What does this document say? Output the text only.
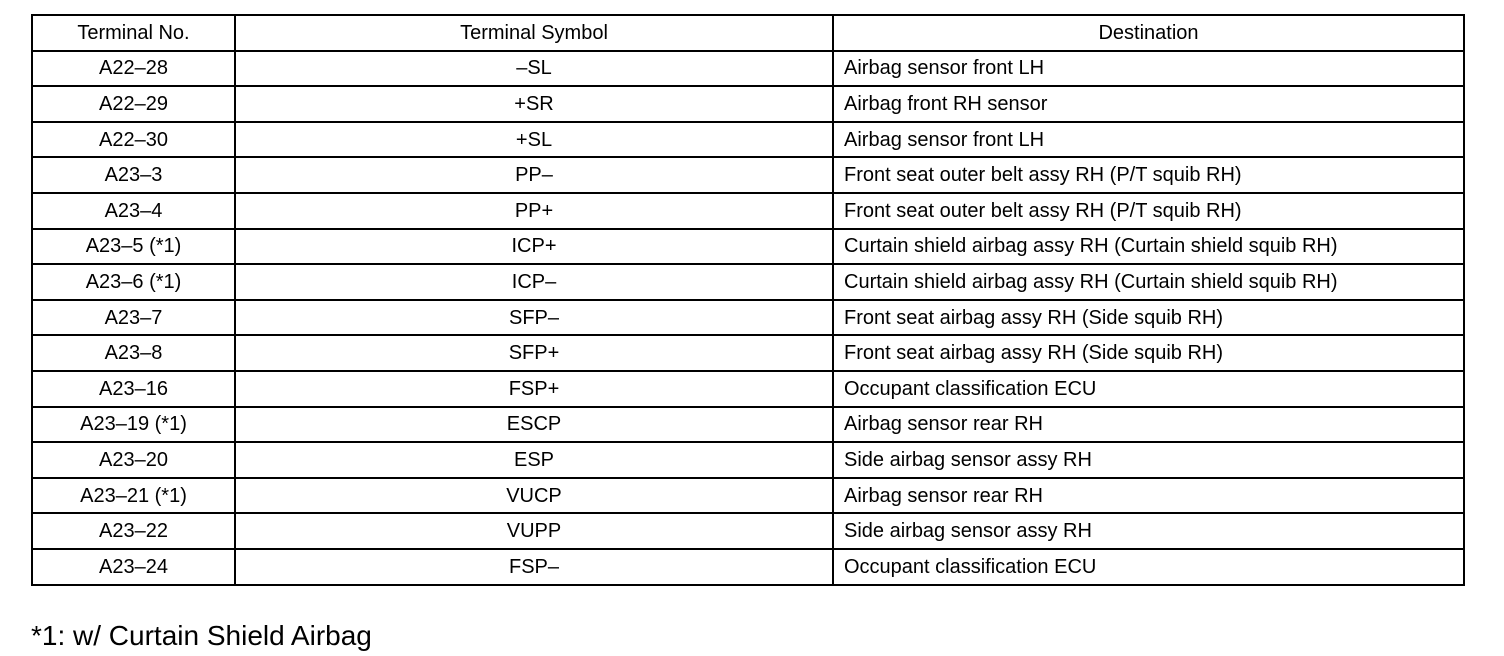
Terminal No.	Terminal Symbol	Destination
A22–28	–SL	Airbag sensor front LH
A22–29	+SR	Airbag front RH sensor
A22–30	+SL	Airbag sensor front LH
A23–3	PP–	Front seat outer belt assy RH (P/T squib RH)
A23–4	PP+	Front seat outer belt assy RH (P/T squib RH)
A23–5 (*1)	ICP+	Curtain shield airbag assy RH (Curtain shield squib RH)
A23–6 (*1)	ICP–	Curtain shield airbag assy RH (Curtain shield squib RH)
A23–7	SFP–	Front seat airbag assy RH (Side squib RH)
A23–8	SFP+	Front seat airbag assy RH (Side squib RH)
A23–16	FSP+	Occupant classification ECU
A23–19 (*1)	ESCP	Airbag sensor rear RH
A23–20	ESP	Side airbag sensor assy RH
A23–21 (*1)	VUCP	Airbag sensor rear RH
A23–22	VUPP	Side airbag sensor assy RH
A23–24	FSP–	Occupant classification ECU

*1: w/ Curtain Shield Airbag
